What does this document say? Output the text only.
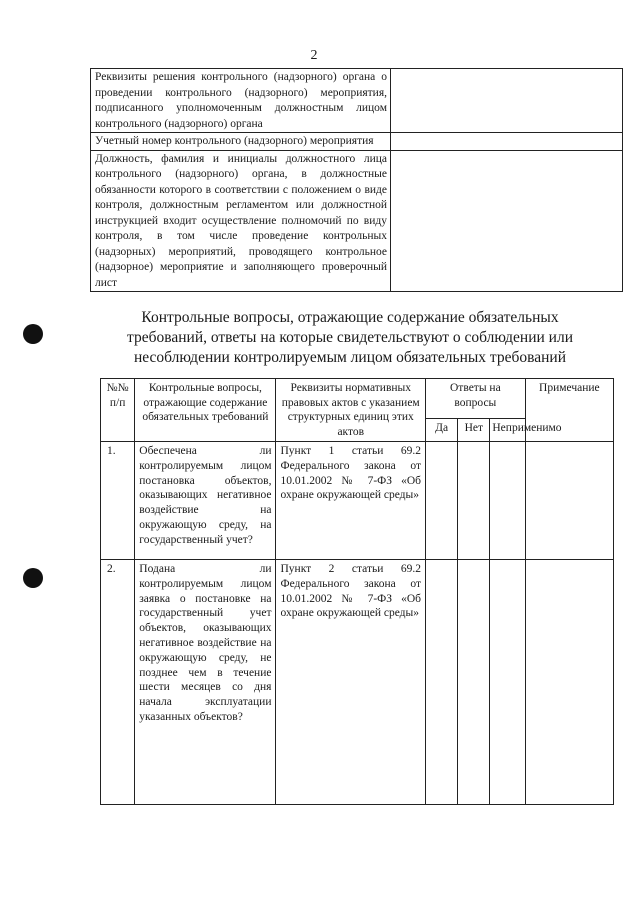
2
Реквизиты решения контрольного (надзорного) органа о проведении контрольного (надзорного) мероприятия, подписанного уполномоченным должностным лицом контрольного (надзорного) органа	
Учетный номер контрольного (надзорного) мероприятия	
Должность, фамилия и инициалы должностного лица контрольного (надзорного) органа, в должностные обязанности которого в соответствии с положением о виде контроля, должностным регламентом или должностной инструкцией входит осуществление полномочий по виду контроля, в том числе проведение контрольных (надзорных) мероприятий, проводящего контрольное (надзорное) мероприятие и заполняющего проверочный лист	
Контрольные вопросы, отражающие содержание обязательных требований, ответы на которые свидетельствуют о соблюдении или несоблюдении контролируемым лицом обязательных требований
№№ п/п	Контрольные вопросы, отражающие содержание обязательных требований	Реквизиты нормативных правовых актов с указанием структурных единиц этих актов	Ответы на вопросы			Примечание
			Да	Нет	Неприменимо	
1.	Обеспечена ли контролируемым лицом постановка объектов, оказывающих негативное воздействие на окружающую среду, на государственный учет?	Пункт 1 статьи 69.2 Федерального закона от 10.01.2002 № 7-ФЗ «Об охране окружающей среды»				
2.	Подана ли контролируемым лицом заявка о постановке на государственный учет объектов, оказывающих негативное воздействие на окружающую среду, не позднее чем в течение шести месяцев со дня начала эксплуатации указанных объектов?	Пункт 2 статьи 69.2 Федерального закона от 10.01.2002 № 7-ФЗ «Об охране окружающей среды»				
